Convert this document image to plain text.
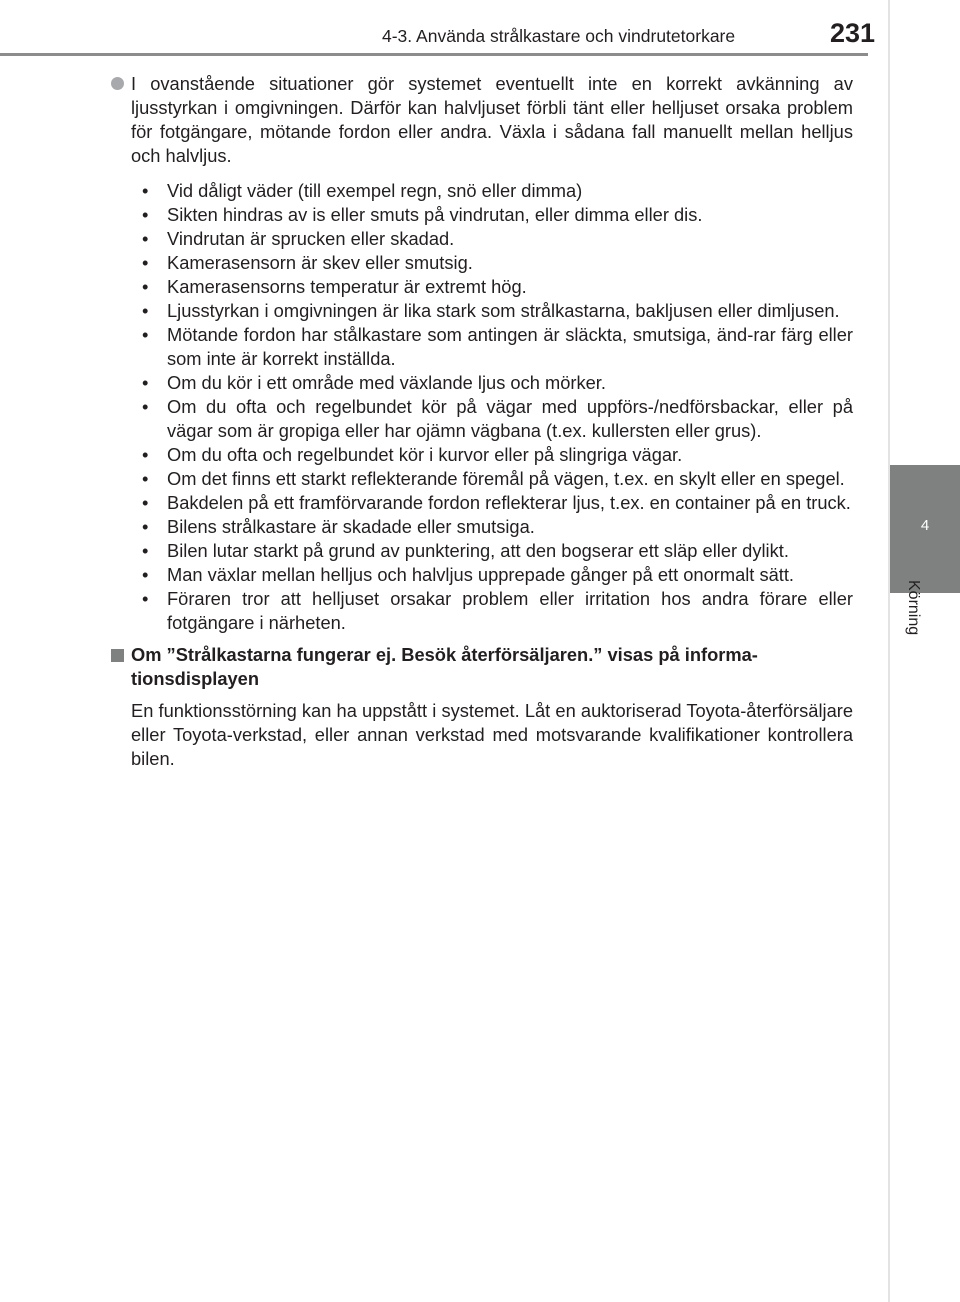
4-3. Använda strålkastare och vindrutetorkare	231
4
Körning
I ovanstående situationer gör systemet eventuellt inte en korrekt avkänning av ljusstyrkan i omgivningen. Därför kan halvljuset förbli tänt eller helljuset orsaka problem för fotgängare, mötande fordon eller andra. Växla i sådana fall manuellt mellan helljus och halvljus.
• Vid dåligt väder (till exempel regn, snö eller dimma)
• Sikten hindras av is eller smuts på vindrutan, eller dimma eller dis.
• Vindrutan är sprucken eller skadad.
• Kamerasensorn är skev eller smutsig.
• Kamerasensorns temperatur är extremt hög.
• Ljusstyrkan i omgivningen är lika stark som strålkastarna, bakljusen eller dimljusen.
• Mötande fordon har stålkastare som antingen är släckta, smutsiga, änd-rar färg eller som inte är korrekt inställda.
• Om du kör i ett område med växlande ljus och mörker.
• Om du ofta och regelbundet kör på vägar med uppförs-/nedförsbackar, eller på vägar som är gropiga eller har ojämn vägbana (t.ex. kullersten eller grus).
• Om du ofta och regelbundet kör i kurvor eller på slingriga vägar.
• Om det finns ett starkt reflekterande föremål på vägen, t.ex. en skylt eller en spegel.
• Bakdelen på ett framförvarande fordon reflekterar ljus, t.ex. en container på en truck.
• Bilens strålkastare är skadade eller smutsiga.
• Bilen lutar starkt på grund av punktering, att den bogserar ett släp eller dylikt.
• Man växlar mellan helljus och halvljus upprepade gånger på ett onormalt sätt.
• Föraren tror att helljuset orsakar problem eller irritation hos andra förare eller fotgängare i närheten.
Om ”Strålkastarna fungerar ej. Besök återförsäljaren.” visas på informa-tionsdisplayen
En funktionsstörning kan ha uppstått i systemet. Låt en auktoriserad Toyota-återförsäljare eller Toyota-verkstad, eller annan verkstad med motsvarande kvalifikationer kontrollera bilen.
